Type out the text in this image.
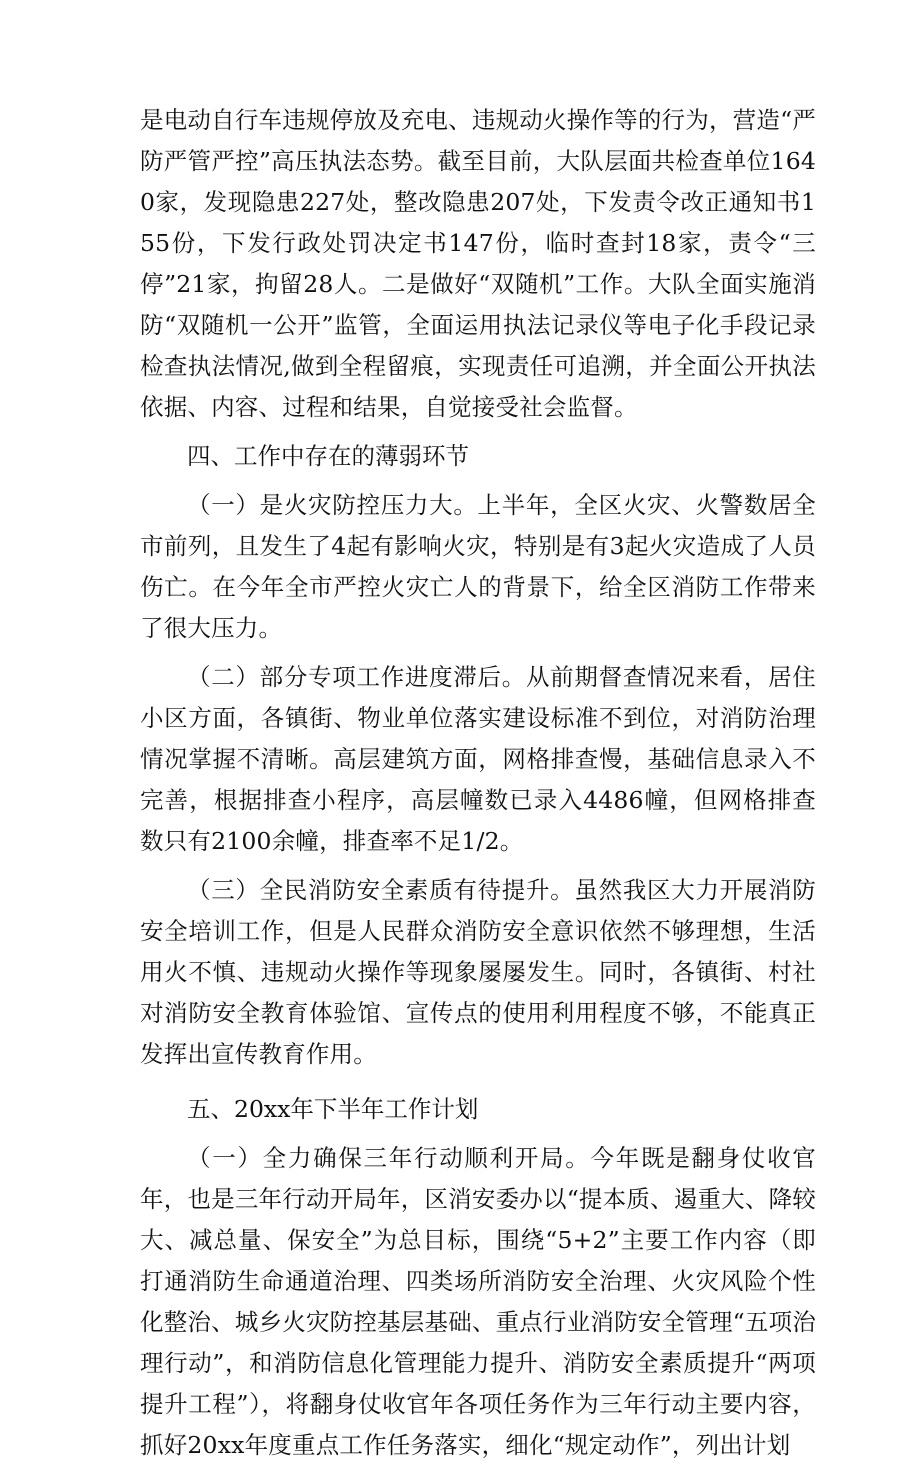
是电动自行车违规停放及充电、违规动火操作等的行为，营造“严防严管严控”高压执法态势。截至目前，大队层面共检查单位1640家，发现隐患227处，整改隐患207处，下发责令改正通知书155份，下发行政处罚决定书147份，临时查封18家，责令“三停”21家，拘留28人。二是做好“双随机”工作。大队全面实施消防“双随机一公开”监管，全面运用执法记录仪等电子化手段记录检查执法情况,做到全程留痕，实现责任可追溯，并全面公开执法依据、内容、过程和结果，自觉接受社会监督。

四、工作中存在的薄弱环节

（一）是火灾防控压力大。上半年，全区火灾、火警数居全市前列，且发生了4起有影响火灾，特别是有3起火灾造成了人员伤亡。在今年全市严控火灾亡人的背景下，给全区消防工作带来了很大压力。

（二）部分专项工作进度滞后。从前期督查情况来看，居住小区方面，各镇街、物业单位落实建设标准不到位，对消防治理情况掌握不清晰。高层建筑方面，网格排查慢，基础信息录入不完善，根据排查小程序，高层幢数已录入4486幢，但网格排查数只有2100余幢，排查率不足1/2。

（三）全民消防安全素质有待提升。虽然我区大力开展消防安全培训工作，但是人民群众消防安全意识依然不够理想，生活用火不慎、违规动火操作等现象屡屡发生。同时，各镇街、村社对消防安全教育体验馆、宣传点的使用利用程度不够，不能真正发挥出宣传教育作用。

五、20xx年下半年工作计划

（一）全力确保三年行动顺利开局。今年既是翻身仗收官年，也是三年行动开局年，区消安委办以“提本质、遏重大、降较大、减总量、保安全”为总目标，围绕“5+2”主要工作内容（即打通消防生命通道治理、四类场所消防安全治理、火灾风险个性化整治、城乡火灾防控基层基础、重点行业消防安全管理“五项治理行动”，和消防信息化管理能力提升、消防安全素质提升“两项提升工程”），将翻身仗收官年各项任务作为三年行动主要内容，抓好20xx年度重点工作任务落实，细化“规定动作”，列出计划
